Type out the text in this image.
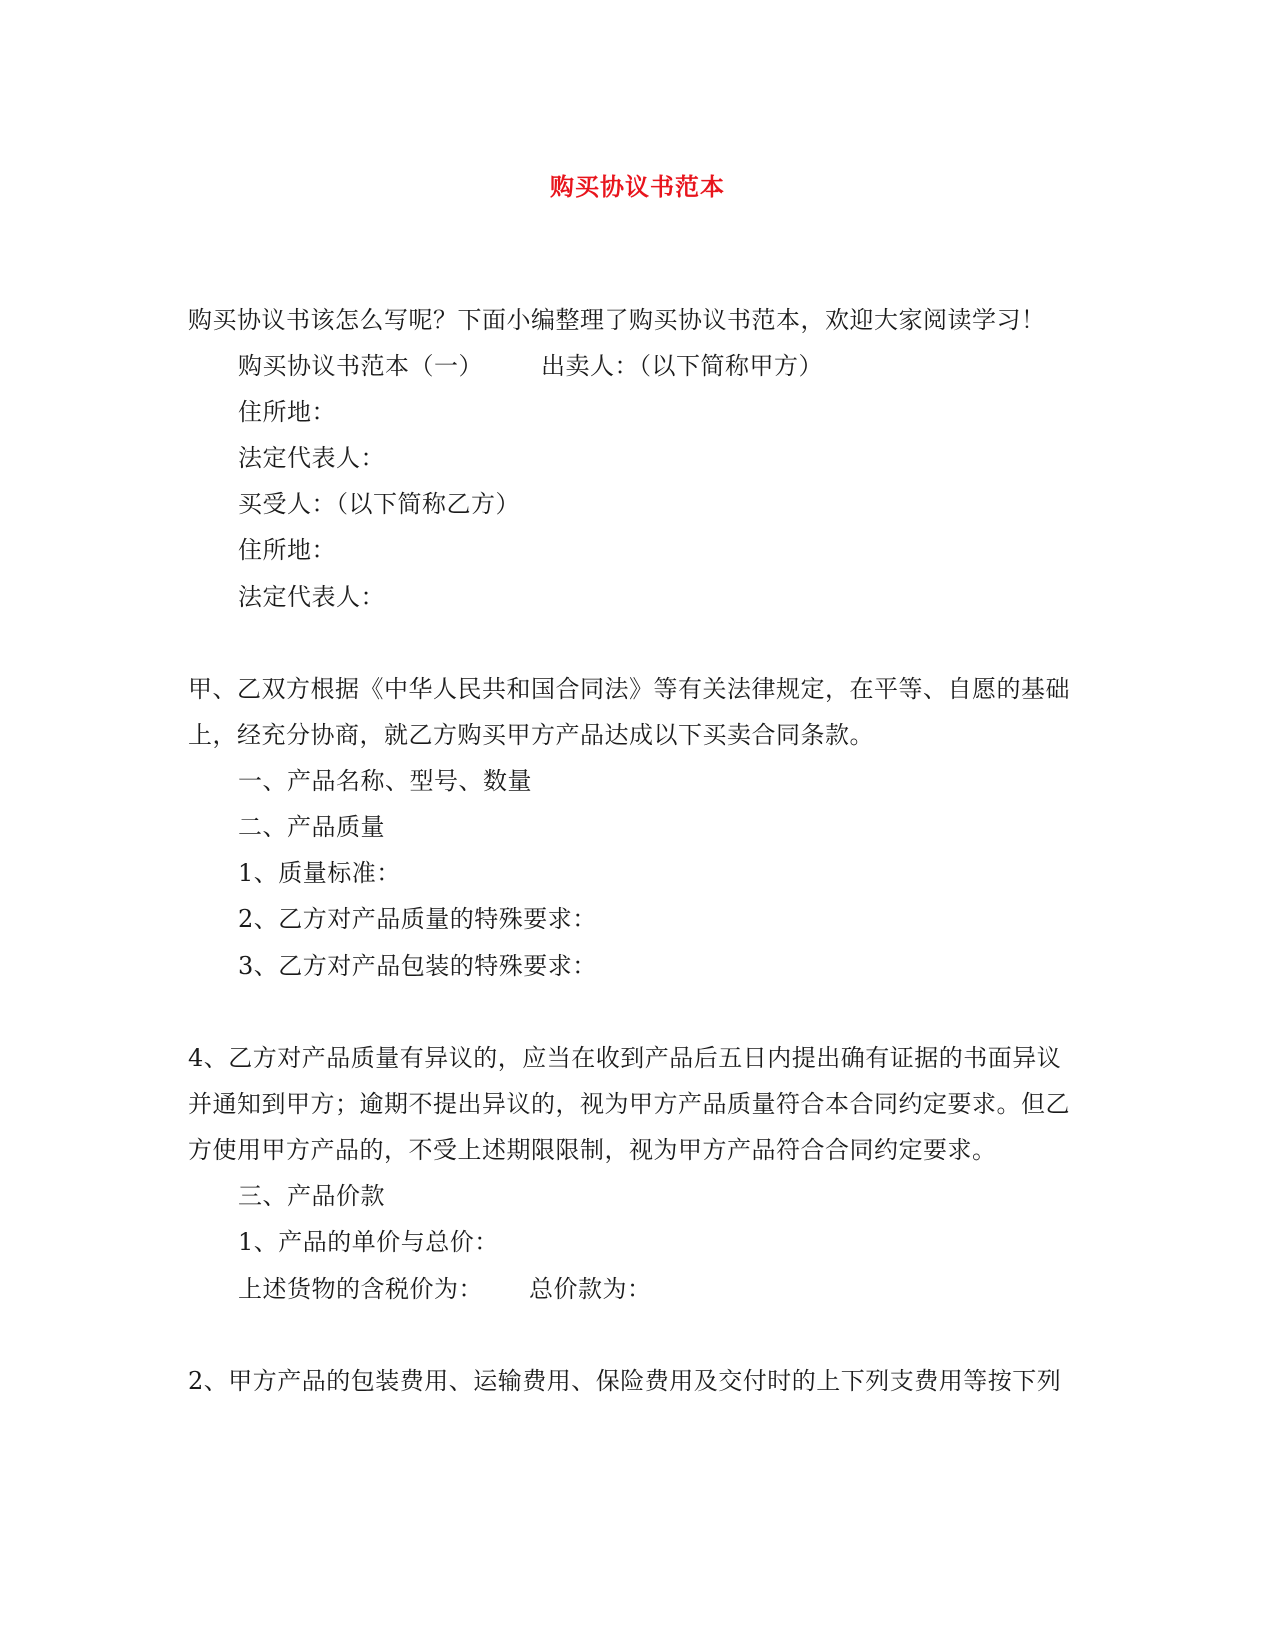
购买协议书范本
购买协议书该怎么写呢？下面小编整理了购买协议书范本，欢迎大家阅读学习！
购买协议书范本（一） 出卖人：（以下简称甲方）
住所地：
法定代表人：
买受人：（以下简称乙方）
住所地：
法定代表人：
甲、乙双方根据《中华人民共和国合同法》等有关法律规定，在平等、自愿的基础
上，经充分协商，就乙方购买甲方产品达成以下买卖合同条款。
一、产品名称、型号、数量
二、产品质量
1、质量标准：
2、乙方对产品质量的特殊要求：
3、乙方对产品包装的特殊要求：
4、乙方对产品质量有异议的，应当在收到产品后五日内提出确有证据的书面异议
并通知到甲方；逾期不提出异议的，视为甲方产品质量符合本合同约定要求。但乙
方使用甲方产品的，不受上述期限限制，视为甲方产品符合合同约定要求。
三、产品价款
1、产品的单价与总价：
上述货物的含税价为： 总价款为：
2、甲方产品的包装费用、运输费用、保险费用及交付时的上下列支费用等按下列
